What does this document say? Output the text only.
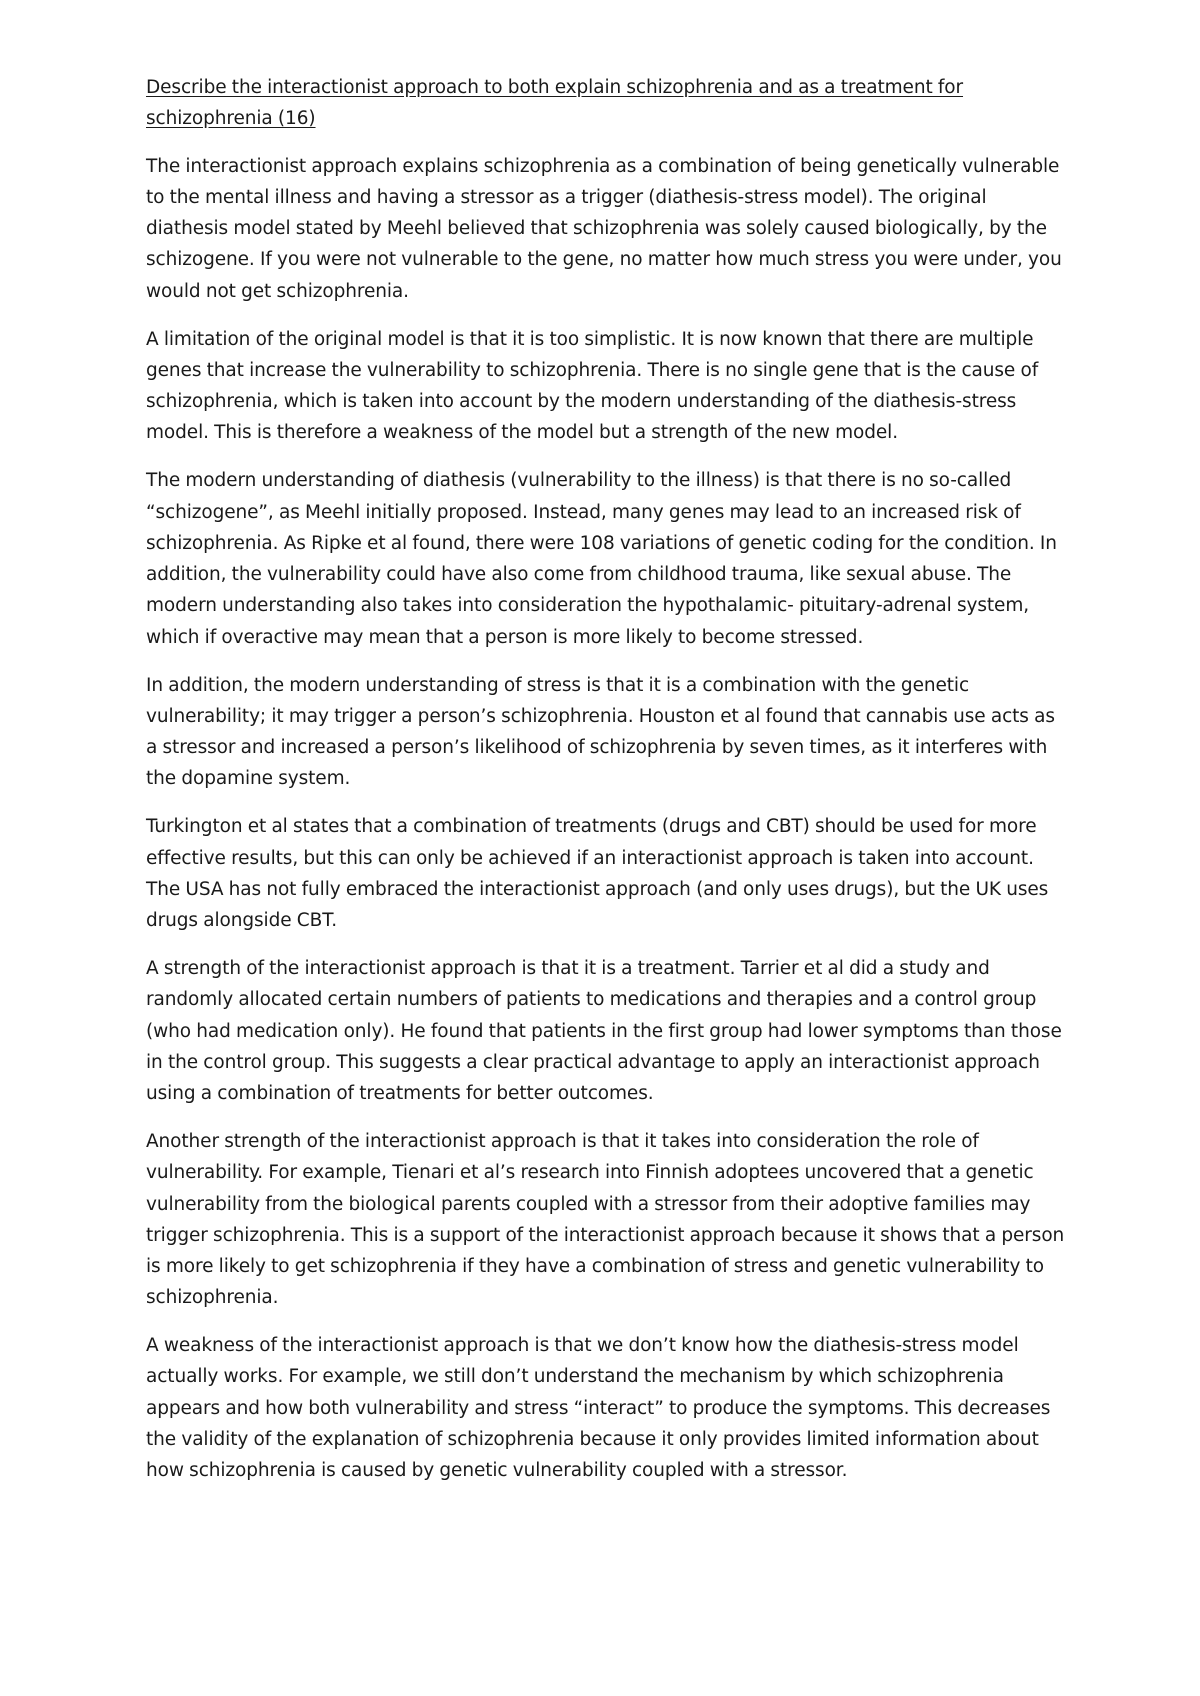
Describe the interactionist approach to both explain schizophrenia and as a treatment for schizophrenia (16)

The interactionist approach explains schizophrenia as a combination of being genetically vulnerable to the mental illness and having a stressor as a trigger (diathesis-stress model). The original diathesis model stated by Meehl believed that schizophrenia was solely caused biologically, by the schizogene. If you were not vulnerable to the gene, no matter how much stress you were under, you would not get schizophrenia.

A limitation of the original model is that it is too simplistic. It is now known that there are multiple genes that increase the vulnerability to schizophrenia. There is no single gene that is the cause of schizophrenia, which is taken into account by the modern understanding of the diathesis-stress model. This is therefore a weakness of the model but a strength of the new model.

The modern understanding of diathesis (vulnerability to the illness) is that there is no so-called “schizogene”, as Meehl initially proposed. Instead, many genes may lead to an increased risk of schizophrenia. As Ripke et al found, there were 108 variations of genetic coding for the condition. In addition, the vulnerability could have also come from childhood trauma, like sexual abuse. The modern understanding also takes into consideration the hypothalamic- pituitary-adrenal system, which if overactive may mean that a person is more likely to become stressed.

In addition, the modern understanding of stress is that it is a combination with the genetic vulnerability; it may trigger a person’s schizophrenia. Houston et al found that cannabis use acts as a stressor and increased a person’s likelihood of schizophrenia by seven times, as it interferes with the dopamine system.

Turkington et al states that a combination of treatments (drugs and CBT) should be used for more effective results, but this can only be achieved if an interactionist approach is taken into account. The USA has not fully embraced the interactionist approach (and only uses drugs), but the UK uses drugs alongside CBT.

A strength of the interactionist approach is that it is a treatment. Tarrier et al did a study and randomly allocated certain numbers of patients to medications and therapies and a control group (who had medication only). He found that patients in the first group had lower symptoms than those in the control group. This suggests a clear practical advantage to apply an interactionist approach using a combination of treatments for better outcomes.

Another strength of the interactionist approach is that it takes into consideration the role of vulnerability. For example, Tienari et al’s research into Finnish adoptees uncovered that a genetic vulnerability from the biological parents coupled with a stressor from their adoptive families may trigger schizophrenia. This is a support of the interactionist approach because it shows that a person is more likely to get schizophrenia if they have a combination of stress and genetic vulnerability to schizophrenia.

A weakness of the interactionist approach is that we don’t know how the diathesis-stress model actually works. For example, we still don’t understand the mechanism by which schizophrenia appears and how both vulnerability and stress “interact” to produce the symptoms. This decreases the validity of the explanation of schizophrenia because it only provides limited information about how schizophrenia is caused by genetic vulnerability coupled with a stressor.
